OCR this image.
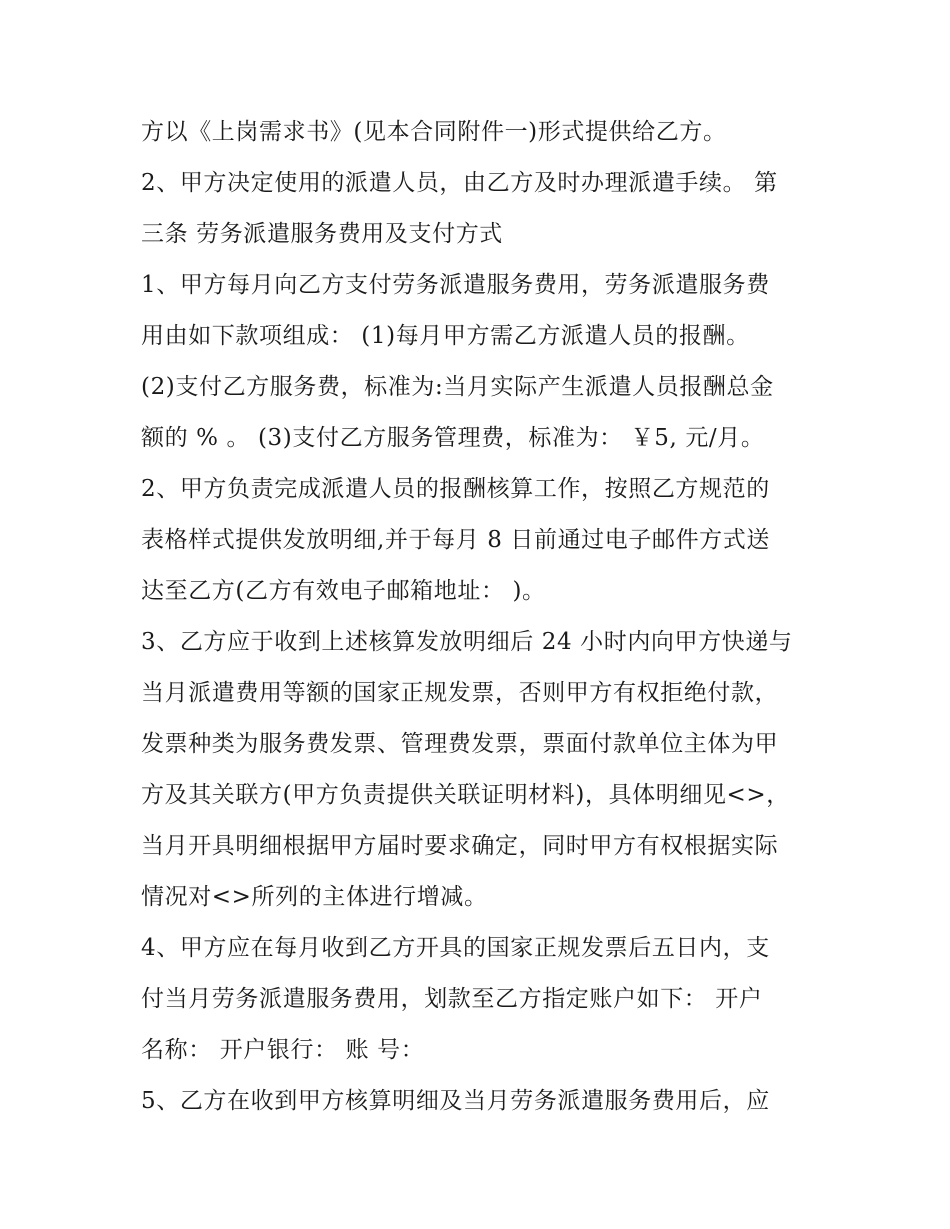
方以《上岗需求书》(见本合同附件一)形式提供给乙方。
2、甲方决定使用的派遣人员，由乙方及时办理派遣手续。 第
三条 劳务派遣服务费用及支付方式
1、甲方每月向乙方支付劳务派遣服务费用，劳务派遣服务费
用由如下款项组成： (1)每月甲方需乙方派遣人员的报酬。
(2)支付乙方服务费，标准为:当月实际产生派遣人员报酬总金
额的 % 。 (3)支付乙方服务管理费，标准为： ￥5, 元/月。
2、甲方负责完成派遣人员的报酬核算工作，按照乙方规范的
表格样式提供发放明细,并于每月 8 日前通过电子邮件方式送
达至乙方(乙方有效电子邮箱地址： )。
3、乙方应于收到上述核算发放明细后 24 小时内向甲方快递与
当月派遣费用等额的国家正规发票，否则甲方有权拒绝付款，
发票种类为服务费发票、管理费发票，票面付款单位主体为甲
方及其关联方(甲方负责提供关联证明材料)，具体明细见<>，
当月开具明细根据甲方届时要求确定，同时甲方有权根据实际
情况对<>所列的主体进行增减。
4、甲方应在每月收到乙方开具的国家正规发票后五日内，支
付当月劳务派遣服务费用，划款至乙方指定账户如下： 开户
名称： 开户银行： 账 号：
5、乙方在收到甲方核算明细及当月劳务派遣服务费用后，应
